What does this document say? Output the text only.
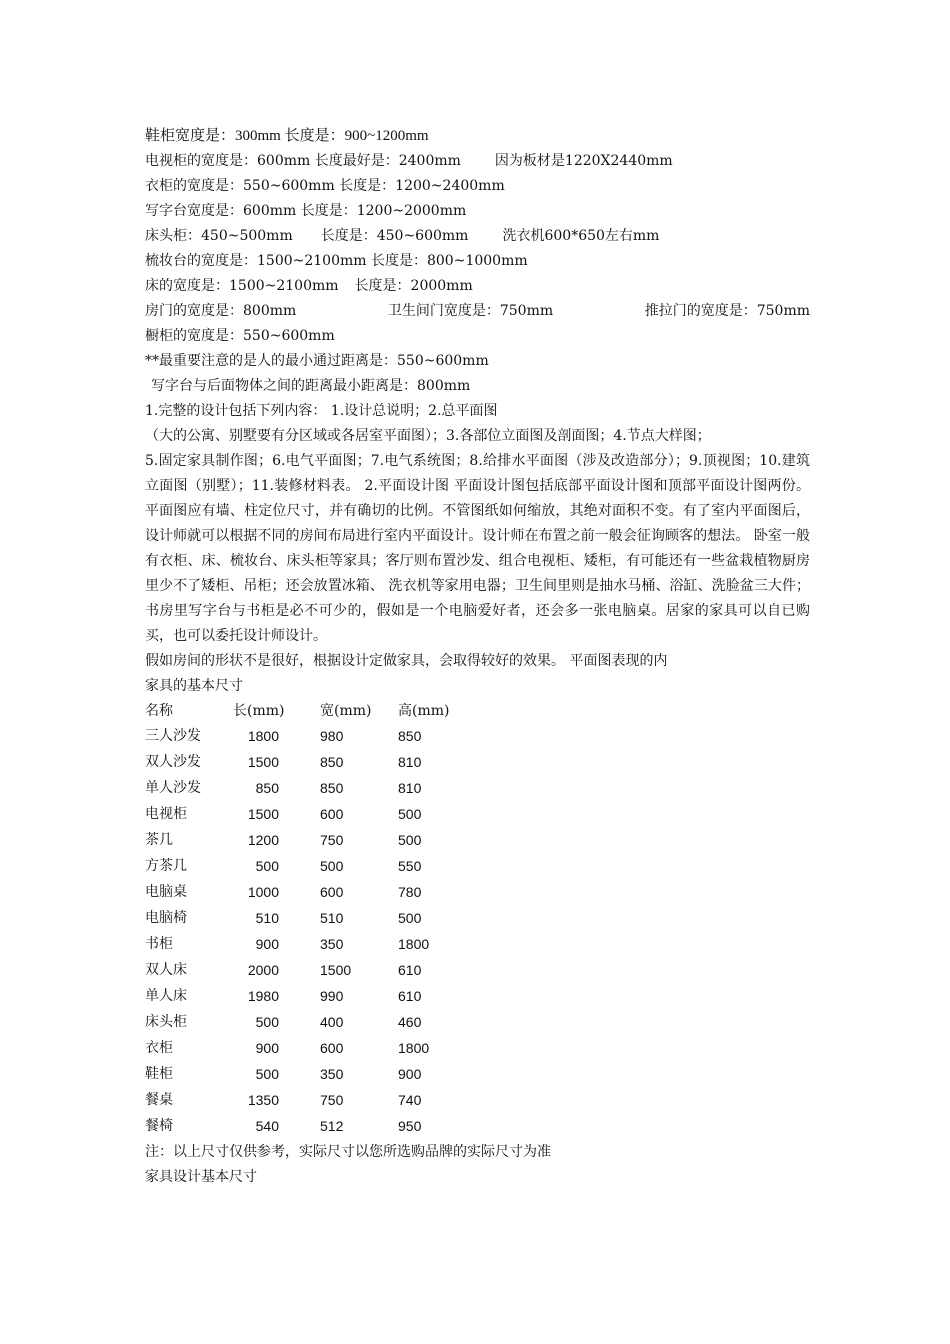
鞋柜宽度是：300mm 长度是：900~1200mm
电视柜的宽度是：600mm 长度最好是：2400mm 因为板材是1220X2440mm
衣柜的宽度是：550~600mm 长度是：1200~2400mm
写字台宽度是：600mm 长度是：1200~2000mm
床头柜：450~500mm 长度是：450~600mm 洗衣机600*650左右mm
梳妆台的宽度是：1500~2100mm 长度是：800~1000mm
床的宽度是：1500~2100mm 长度是：2000mm
房门的宽度是：800mm	卫生间门宽度是：750mm	推拉门的宽度是：750mm
橱柜的宽度是：550~600mm
**最重要注意的是人的最小通过距离是：550~600mm
写字台与后面物体之间的距离最小距离是：800mm
1.完整的设计包括下列内容： 1.设计总说明；2.总平面图
（大的公寓、别墅要有分区域或各居室平面图）；3.各部位立面图及剖面图；4.节点大样图；
5.固定家具制作图；6.电气平面图；7.电气系统图；8.给排水平面图（涉及改造部分）；9.顶视图；10.建筑立面图（别墅）；11.装修材料表。 2.平面设计图 平面设计图包括底部平面设计图和顶部平面设计图两份。平面图应有墙、柱定位尺寸，并有确切的比例。不管图纸如何缩放，其绝对面积不变。有了室内平面图后，设计师就可以根据不同的房间布局进行室内平面设计。设计师在布置之前一般会征询顾客的想法。 卧室一般有衣柜、床、梳妆台、床头柜等家具；客厅则布置沙发、组合电视柜、矮柜，有可能还有一些盆栽植物厨房里少不了矮柜、吊柜；还会放置冰箱、 洗衣机等家用电器；卫生间里则是抽水马桶、浴缸、洗脸盆三大件；书房里写字台与书柜是必不可少的，假如是一个电脑爱好者，还会多一张电脑桌。居家的家具可以自已购买，也可以委托设计师设计。
假如房间的形状不是很好，根据设计定做家具，会取得较好的效果。 平面图表现的内
家具的基本尺寸
名称	长(mm)	宽(mm)	高(mm)
三人沙发	1800	980	850
双人沙发	1500	850	810
单人沙发	850	850	810
电视柜	1500	600	500
茶几	1200	750	500
方茶几	500	500	550
电脑桌	1000	600	780
电脑椅	510	510	500
书柜	900	350	1800
双人床	2000	1500	610
单人床	1980	990	610
床头柜	500	400	460
衣柜	900	600	1800
鞋柜	500	350	900
餐桌	1350	750	740
餐椅	540	512	950
注：以上尺寸仅供参考，实际尺寸以您所选购品牌的实际尺寸为准
家具设计基本尺寸
